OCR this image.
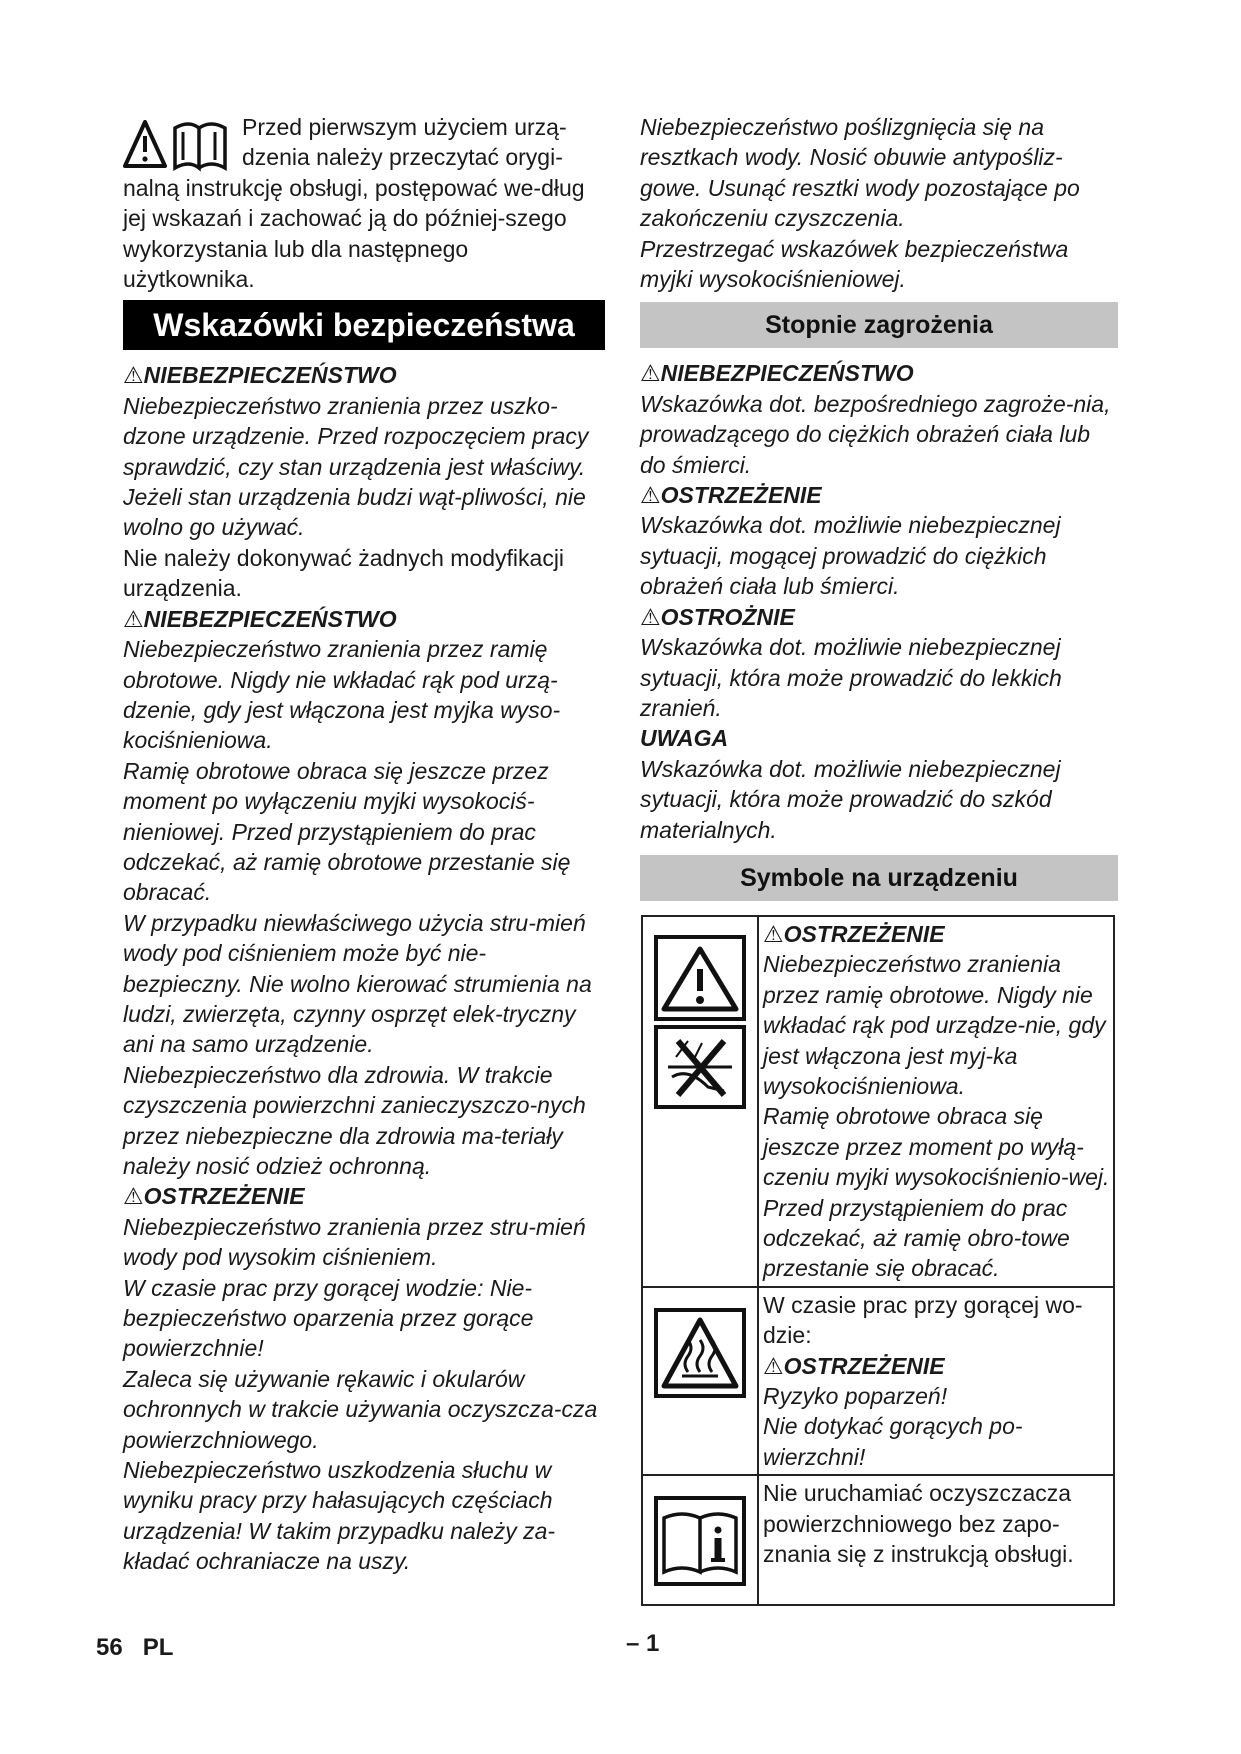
Przed pierwszym użyciem urzą-

dzenia należy przeczytać orygi-

nalną instrukcję obsługi, postępować we-dług jej wskazań i zachować ją do później-szego wykorzystania lub dla następnego użytkownika.

Wskazówki bezpieczeństwa
⚠NIEBEZPIECZEŃSTWO

Niebezpieczeństwo zranienia przez uszko-dzone urządzenie. Przed rozpoczęciem pracy sprawdzić, czy stan urządzenia jest właściwy. Jeżeli stan urządzenia budzi wąt-pliwości, nie wolno go używać.

Nie należy dokonywać żadnych modyfikacji urządzenia.

⚠NIEBEZPIECZEŃSTWO

Niebezpieczeństwo zranienia przez ramię obrotowe. Nigdy nie wkładać rąk pod urzą-dzenie, gdy jest włączona jest myjka wyso-kociśnieniowa.

Ramię obrotowe obraca się jeszcze przez moment po wyłączeniu myjki wysokociś-nieniowej. Przed przystąpieniem do prac odczekać, aż ramię obrotowe przestanie się obracać.

W przypadku niewłaściwego użycia stru-mień wody pod ciśnieniem może być nie-bezpieczny. Nie wolno kierować strumienia na ludzi, zwierzęta, czynny osprzęt elek-tryczny ani na samo urządzenie.

Niebezpieczeństwo dla zdrowia. W trakcie czyszczenia powierzchni zanieczyszczo-nych przez niebezpieczne dla zdrowia ma-teriały należy nosić odzież ochronną.

⚠OSTRZEŻENIE

Niebezpieczeństwo zranienia przez stru-mień wody pod wysokim ciśnieniem.

W czasie prac przy gorącej wodzie: Nie-bezpieczeństwo oparzenia przez gorące powierzchnie!

Zaleca się używanie rękawic i okularów ochronnych w trakcie używania oczyszcza-cza powierzchniowego.

Niebezpieczeństwo uszkodzenia słuchu w wyniku pracy przy hałasujących częściach urządzenia! W takim przypadku należy za-kładać ochraniacze na uszy.

Niebezpieczeństwo poślizgnięcia się na resztkach wody. Nosić obuwie antypośliz-gowe. Usunąć resztki wody pozostające po zakończeniu czyszczenia.

Przestrzegać wskazówek bezpieczeństwa myjki wysokociśnieniowej.

Stopnie zagrożenia
⚠NIEBEZPIECZEŃSTWO

Wskazówka dot. bezpośredniego zagroże-nia, prowadzącego do ciężkich obrażeń ciała lub do śmierci.

⚠OSTRZEŻENIE

Wskazówka dot. możliwie niebezpiecznej sytuacji, mogącej prowadzić do ciężkich obrażeń ciała lub śmierci.

⚠OSTROŻNIE

Wskazówka dot. możliwie niebezpiecznej sytuacji, która może prowadzić do lekkich zranień.

UWAGA

Wskazówka dot. możliwie niebezpiecznej sytuacji, która może prowadzić do szkód materialnych.

Symbole na urządzeniu

⚠OSTRZEŻENIE

Niebezpieczeństwo zranienia przez ramię obrotowe. Nigdy nie wkładać rąk pod urządze-nie, gdy jest włączona jest myj-ka wysokociśnieniowa.

Ramię obrotowe obraca się jeszcze przez moment po wyłą-czeniu myjki wysokociśnienio-wej. Przed przystąpieniem do prac odczekać, aż ramię obro-towe przestanie się obracać.

W czasie prac przy gorącej wo-dzie:

⚠OSTRZEŻENIE

Ryzyko poparzeń!

Nie dotykać gorących po-wierzchni!

Nie uruchamiać oczyszczacza powierzchniowego bez zapo-znania się z instrukcją obsługi.

56 PL	– 1
